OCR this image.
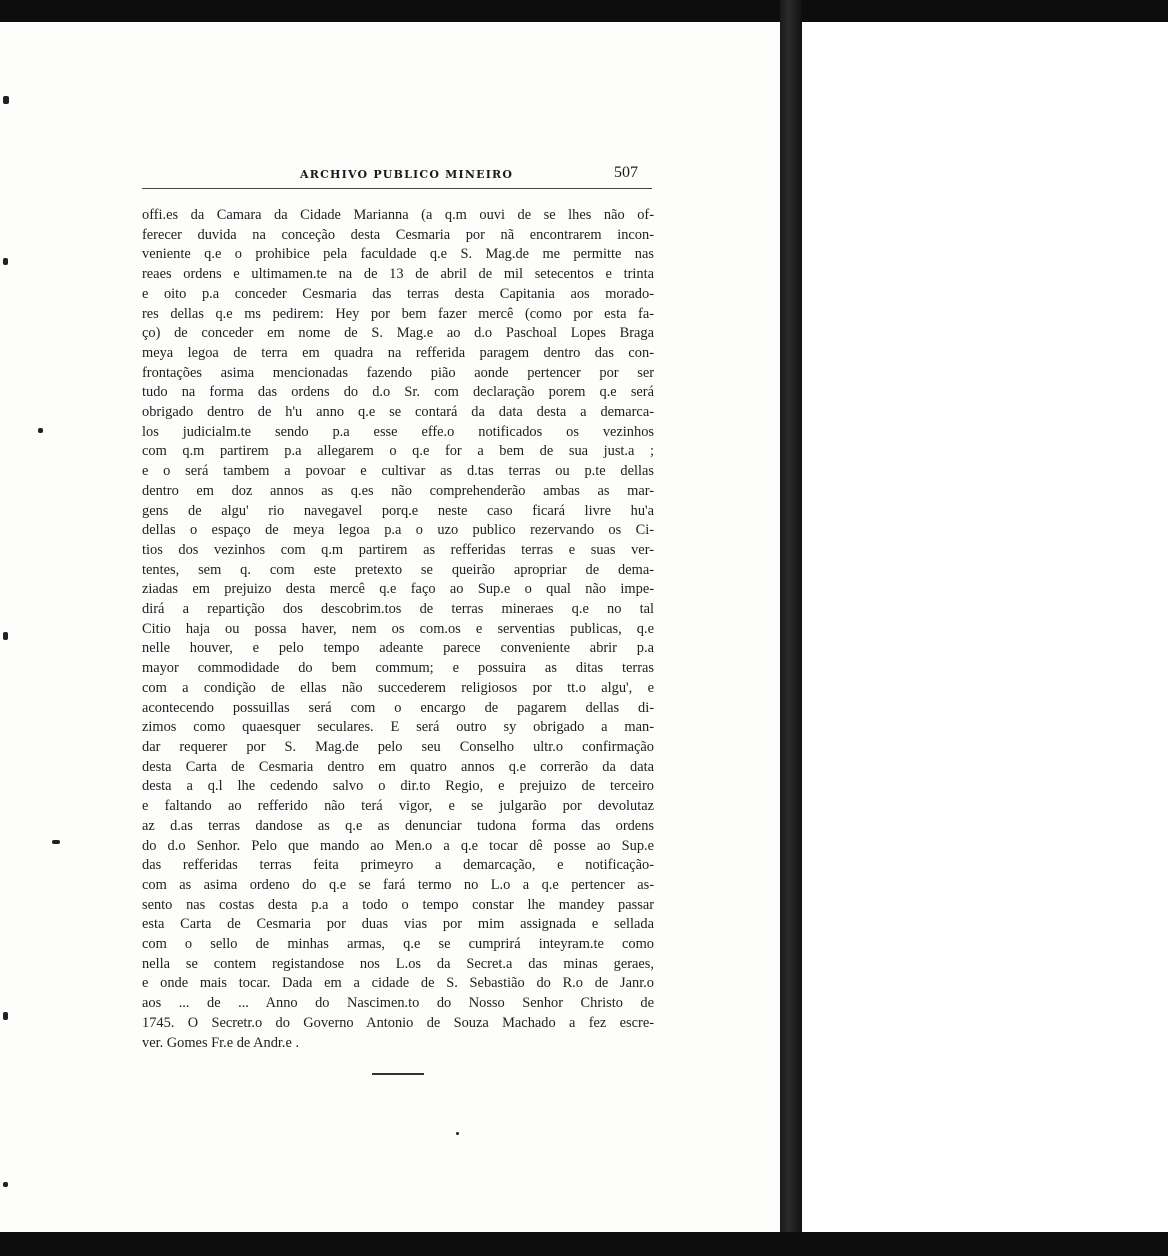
ARCHIVO PUBLICO MINEIRO	507
offi.es da Camara da Cidade Marianna (a q.m ouvi de se lhes não of-
ferecer duvida na conceção desta Cesmaria por nã encontrarem incon-
veniente q.e o prohibice pela faculdade q.e S. Mag.de me permitte nas
reaes ordens e ultimamen.te na de 13 de abril de mil setecentos e trinta
e oito p.a conceder Cesmaria das terras desta Capitania aos morado-
res dellas q.e ms pedirem: Hey por bem fazer mercê (como por esta fa-
ço) de conceder em nome de S. Mag.e ao d.o Paschoal Lopes Braga
meya legoa de terra em quadra na refferida paragem dentro das con-
frontações asima mencionadas fazendo pião aonde pertencer por ser
tudo na forma das ordens do d.o Sr. com declaração porem q.e será
obrigado dentro de h'u anno q.e se contará da data desta a demarca-
los judicialm.te sendo p.a esse effe.o notificados os vezinhos
com q.m partirem p.a allegarem o q.e for a bem de sua just.a ;
e o será tambem a povoar e cultivar as d.tas terras ou p.te dellas
dentro em doz annos as q.es não comprehenderão ambas as mar-
gens de algu' rio navegavel porq.e neste caso ficará livre hu'a
dellas o espaço de meya legoa p.a o uzo publico rezervando os Ci-
tios dos vezinhos com q.m partirem as refferidas terras e suas ver-
tentes, sem q. com este pretexto se queirão apropriar de dema-
ziadas em prejuizo desta mercê q.e faço ao Sup.e o qual não impe-
dirá a repartição dos descobrim.tos de terras mineraes q.e no tal
Citio haja ou possa haver, nem os com.os e serventias publicas, q.e
nelle houver, e pelo tempo adeante parece conveniente abrir p.a
mayor commodidade do bem commum; e possuira as ditas terras
com a condição de ellas não succederem religiosos por tt.o algu', e
acontecendo possuillas será com o encargo de pagarem dellas di-
zimos como quaesquer seculares. E será outro sy obrigado a man-
dar requerer por S. Mag.de pelo seu Conselho ultr.o confirmação
desta Carta de Cesmaria dentro em quatro annos q.e correrão da data
desta a q.l lhe cedendo salvo o dir.to Regio, e prejuizo de terceiro
e faltando ao refferido não terá vigor, e se julgarão por devolutaz
az d.as terras dandose as q.e as denunciar tudona forma das ordens
do d.o Senhor. Pelo que mando ao Men.o a q.e tocar dê posse ao Sup.e
das refferidas terras feita primeyro a demarcação, e notificação-
com as asima ordeno do q.e se fará termo no L.o a q.e pertencer as-
sento nas costas desta p.a a todo o tempo constar lhe mandey passar
esta Carta de Cesmaria por duas vias por mim assignada e sellada
com o sello de minhas armas, q.e se cumprirá inteyram.te como
nella se contem registandose nos L.os da Secret.a das minas geraes,
e onde mais tocar. Dada em a cidade de S. Sebastião do R.o de Janr.o
aos ... de ... Anno do Nascimen.to do Nosso Senhor Christo de
1745. O Secretr.o do Governo Antonio de Souza Machado a fez escre-
ver. Gomes Fr.e de Andr.e .
